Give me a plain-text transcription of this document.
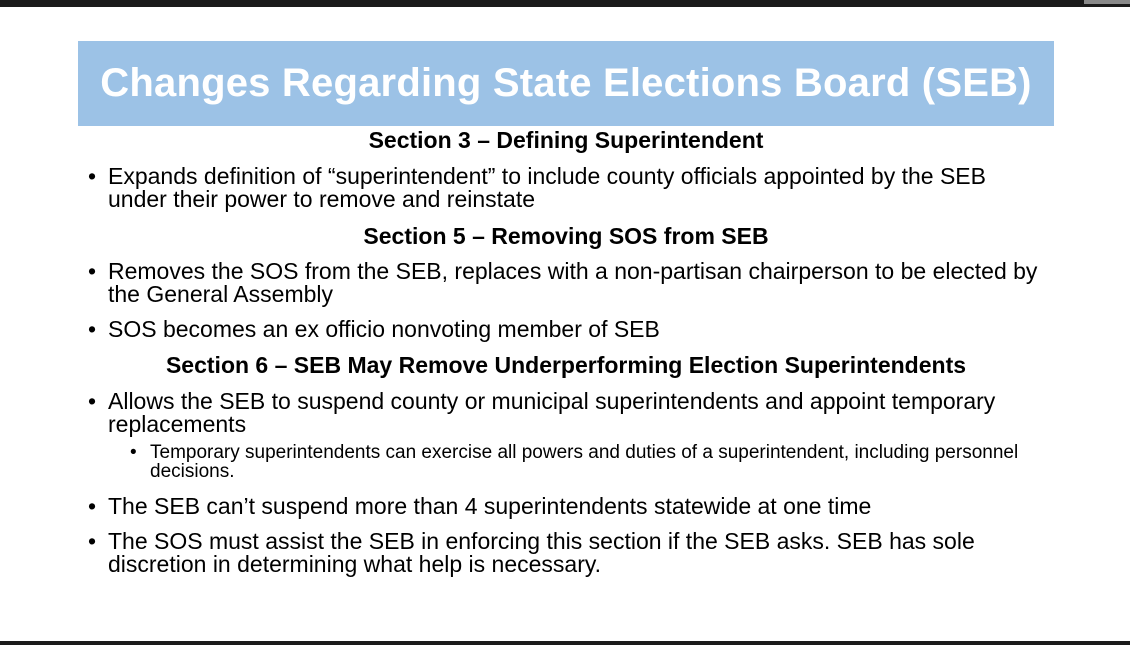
Changes Regarding State Elections Board (SEB)
Section 3 – Defining Superintendent
• Expands definition of “superintendent” to include county officials appointed by the SEB under their power to remove and reinstate
Section 5 – Removing SOS from SEB
• Removes the SOS from the SEB, replaces with a non-partisan chairperson to be elected by the General Assembly
• SOS becomes an ex officio nonvoting member of SEB
Section 6 – SEB May Remove Underperforming Election Superintendents
• Allows the SEB to suspend county or municipal superintendents and appoint temporary replacements
• Temporary superintendents can exercise all powers and duties of a superintendent, including personnel decisions.
• The SEB can’t suspend more than 4 superintendents statewide at one time
• The SOS must assist the SEB in enforcing this section if the SEB asks. SEB has sole discretion in determining what help is necessary.
